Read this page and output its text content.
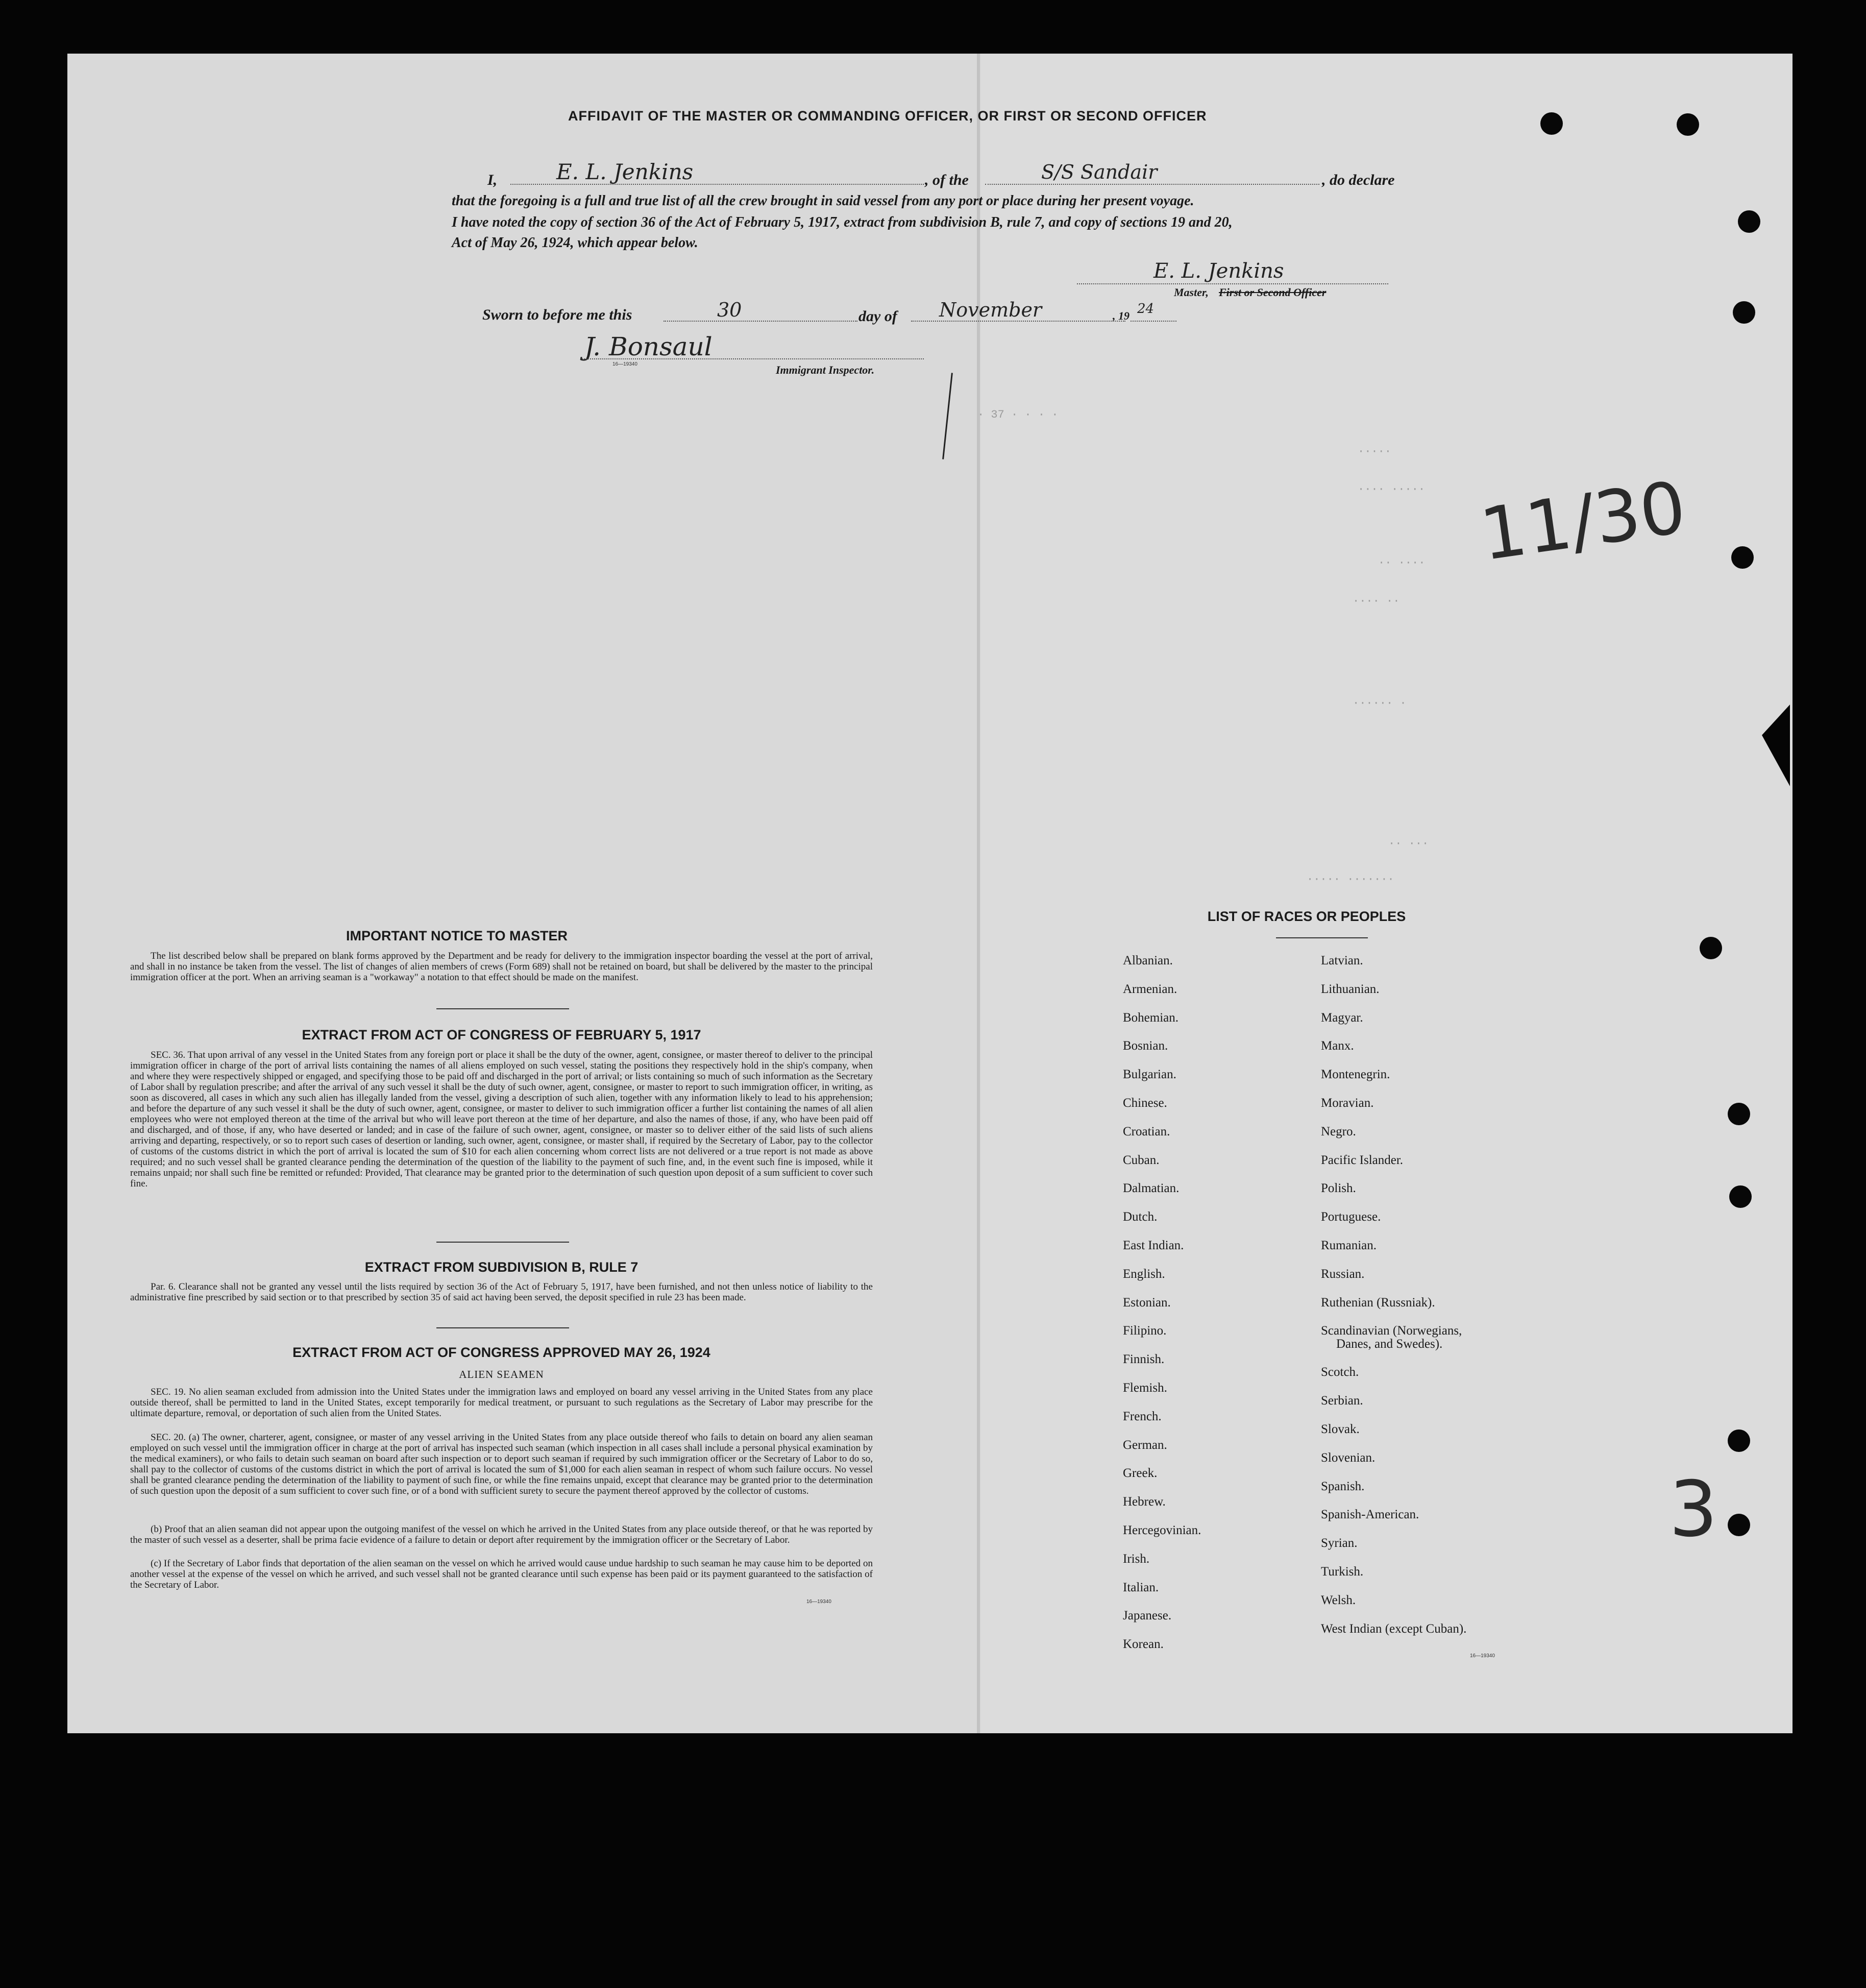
AFFIDAVIT OF THE MASTER OR COMMANDING OFFICER, OR FIRST OR SECOND OFFICER
I,	E. L. Jenkins	, of the	S/S Sandair	, do declare
that the foregoing is a full and true list of all the crew brought in said vessel from any port or place during her present voyage.
I have noted the copy of section 36 of the Act of February 5, 1917, extract from subdivision B, rule 7, and copy of sections 19 and 20,
Act of May 26, 1924, which appear below.
E. L. Jenkins
Master, First or Second Officer
Sworn to before me this	30	day of November	, 19 24
J. Bonsaul
16—19340	Immigrant Inspector.
· 37 · · · ·
·····
···· ·····
·· ····
···· ··
······ ·
·· ···
····· ·······
11/30
3
IMPORTANT NOTICE TO MASTER
The list described below shall be prepared on blank forms approved by the Department and be ready for delivery to the immigration inspector boarding the vessel at the port of arrival, and shall in no instance be taken from the vessel. The list of changes of alien members of crews (Form 689) shall not be retained on board, but shall be delivered by the master to the principal immigration officer at the port. When an arriving seaman is a "workaway" a notation to that effect should be made on the manifest.
EXTRACT FROM ACT OF CONGRESS OF FEBRUARY 5, 1917
SEC. 36. That upon arrival of any vessel in the United States from any foreign port or place it shall be the duty of the owner, agent, consignee, or master thereof to deliver to the principal immigration officer in charge of the port of arrival lists containing the names of all aliens employed on such vessel, stating the positions they respectively hold in the ship's company, when and where they were respectively shipped or engaged, and specifying those to be paid off and discharged in the port of arrival; or lists containing so much of such information as the Secretary of Labor shall by regulation prescribe; and after the arrival of any such vessel it shall be the duty of such owner, agent, consignee, or master to report to such immigration officer, in writing, as soon as discovered, all cases in which any such alien has illegally landed from the vessel, giving a description of such alien, together with any information likely to lead to his apprehension; and before the departure of any such vessel it shall be the duty of such owner, agent, consignee, or master to deliver to such immigration officer a further list containing the names of all alien employees who were not employed thereon at the time of the arrival but who will leave port thereon at the time of her departure, and also the names of those, if any, who have been paid off and discharged, and of those, if any, who have deserted or landed; and in case of the failure of such owner, agent, consignee, or master so to deliver either of the said lists of such aliens arriving and departing, respectively, or so to report such cases of desertion or landing, such owner, agent, consignee, or master shall, if required by the Secretary of Labor, pay to the collector of customs of the customs district in which the port of arrival is located the sum of $10 for each alien concerning whom correct lists are not delivered or a true report is not made as above required; and no such vessel shall be granted clearance pending the determination of the question of the liability to the payment of such fine, and, in the event such fine is imposed, while it remains unpaid; nor shall such fine be remitted or refunded: Provided, That clearance may be granted prior to the determination of such question upon deposit of a sum sufficient to cover such fine.
EXTRACT FROM SUBDIVISION B, RULE 7
Par. 6. Clearance shall not be granted any vessel until the lists required by section 36 of the Act of February 5, 1917, have been furnished, and not then unless notice of liability to the administrative fine prescribed by said section or to that prescribed by section 35 of said act having been served, the deposit specified in rule 23 has been made.
EXTRACT FROM ACT OF CONGRESS APPROVED MAY 26, 1924
ALIEN SEAMEN
SEC. 19. No alien seaman excluded from admission into the United States under the immigration laws and employed on board any vessel arriving in the United States from any place outside thereof, shall be permitted to land in the United States, except temporarily for medical treatment, or pursuant to such regulations as the Secretary of Labor may prescribe for the ultimate departure, removal, or deportation of such alien from the United States.
SEC. 20. (a) The owner, charterer, agent, consignee, or master of any vessel arriving in the United States from any place outside thereof who fails to detain on board any alien seaman employed on such vessel until the immigration officer in charge at the port of arrival has inspected such seaman (which inspection in all cases shall include a personal physical examination by the medical examiners), or who fails to detain such seaman on board after such inspection or to deport such seaman if required by such immigration officer or the Secretary of Labor to do so, shall pay to the collector of customs of the customs district in which the port of arrival is located the sum of $1,000 for each alien seaman in respect of whom such failure occurs. No vessel shall be granted clearance pending the determination of the liability to payment of such fine, or while the fine remains unpaid, except that clearance may be granted prior to the determination of such question upon the deposit of a sum sufficient to cover such fine, or of a bond with sufficient surety to secure the payment thereof approved by the collector of customs.
(b) Proof that an alien seaman did not appear upon the outgoing manifest of the vessel on which he arrived in the United States from any place outside thereof, or that he was reported by the master of such vessel as a deserter, shall be prima facie evidence of a failure to detain or deport after requirement by the immigration officer or the Secretary of Labor.
(c) If the Secretary of Labor finds that deportation of the alien seaman on the vessel on which he arrived would cause undue hardship to such seaman he may cause him to be deported on another vessel at the expense of the vessel on which he arrived, and such vessel shall not be granted clearance until such expense has been paid or its payment guaranteed to the satisfaction of the Secretary of Labor.
16—19340
LIST OF RACES OR PEOPLES
Albanian.
Armenian.
Bohemian.
Bosnian.
Bulgarian.
Chinese.
Croatian.
Cuban.
Dalmatian.
Dutch.
East Indian.
English.
Estonian.
Filipino.
Finnish.
Flemish.
French.
German.
Greek.
Hebrew.
Hercegovinian.
Irish.
Italian.
Japanese.
Korean.
Latvian.
Lithuanian.
Magyar.
Manx.
Montenegrin.
Moravian.
Negro.
Pacific Islander.
Polish.
Portuguese.
Rumanian.
Russian.
Ruthenian (Russniak).
Scandinavian (Norwegians,
Danes, and Swedes).
Scotch.
Serbian.
Slovak.
Slovenian.
Spanish.
Spanish-American.
Syrian.
Turkish.
Welsh.
West Indian (except Cuban).
16—19340
